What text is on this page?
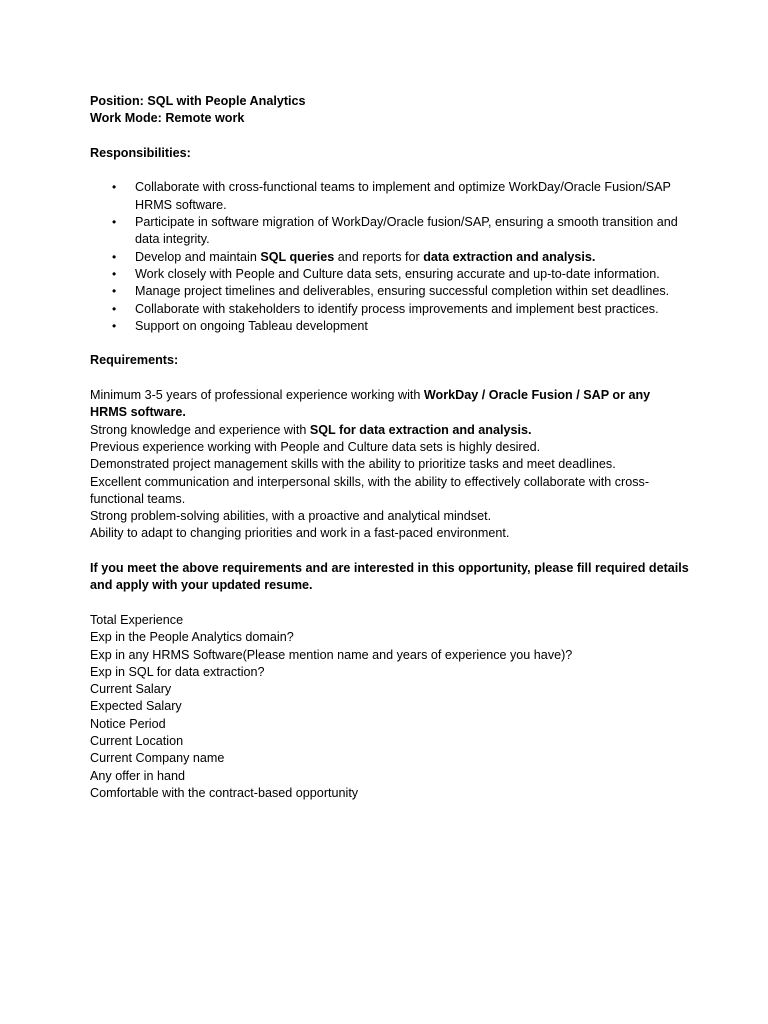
Position: SQL with People Analytics
Work Mode: Remote work
Responsibilities:
• Collaborate with cross-functional teams to implement and optimize WorkDay/Oracle Fusion/SAP HRMS software.
• Participate in software migration of WorkDay/Oracle fusion/SAP, ensuring a smooth transition and data integrity.
• Develop and maintain SQL queries and reports for data extraction and analysis.
• Work closely with People and Culture data sets, ensuring accurate and up-to-date information.
• Manage project timelines and deliverables, ensuring successful completion within set deadlines.
• Collaborate with stakeholders to identify process improvements and implement best practices.
• Support on ongoing Tableau development
Requirements:
Minimum 3-5 years of professional experience working with WorkDay / Oracle Fusion / SAP or any
HRMS software.
Strong knowledge and experience with SQL for data extraction and analysis.
Previous experience working with People and Culture data sets is highly desired.
Demonstrated project management skills with the ability to prioritize tasks and meet deadlines.
Excellent communication and interpersonal skills, with the ability to effectively collaborate with cross-
functional teams.
Strong problem-solving abilities, with a proactive and analytical mindset.
Ability to adapt to changing priorities and work in a fast-paced environment.
If you meet the above requirements and are interested in this opportunity, please fill required details
and apply with your updated resume.
Total Experience
Exp in the People Analytics domain?
Exp in any HRMS Software(Please mention name and years of experience you have)?
Exp in SQL for data extraction?
Current Salary
Expected Salary
Notice Period
Current Location
Current Company name
Any offer in hand
Comfortable with the contract-based opportunity
